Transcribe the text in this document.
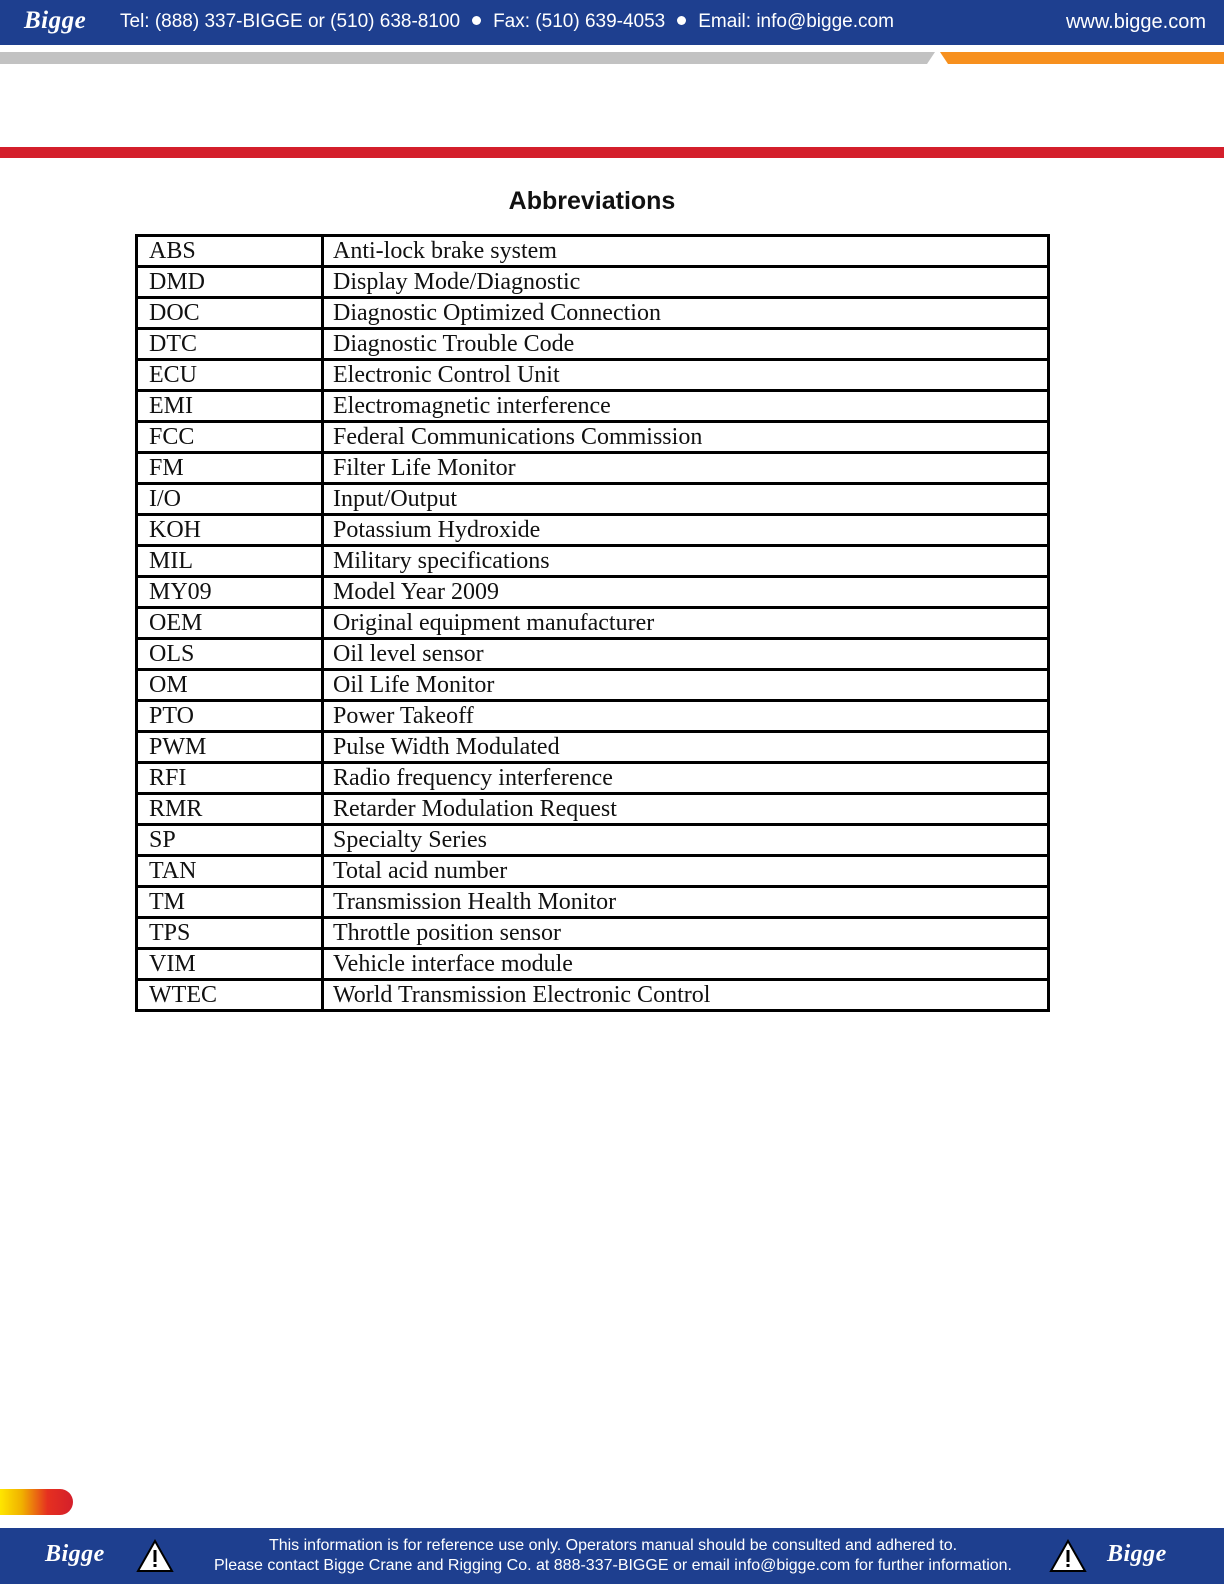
Bigge Tel: (888) 337-BIGGE or (510) 638-8100 Fax: (510) 639-4053 Email: info@bigge.com	www.bigge.com
Abbreviations
ABS	Anti-lock brake system
DMD	Display Mode/Diagnostic
DOC	Diagnostic Optimized Connection
DTC	Diagnostic Trouble Code
ECU	Electronic Control Unit
EMI	Electromagnetic interference
FCC	Federal Communications Commission
FM	Filter Life Monitor
I/O	Input/Output
KOH	Potassium Hydroxide
MIL	Military specifications
MY09	Model Year 2009
OEM	Original equipment manufacturer
OLS	Oil level sensor
OM	Oil Life Monitor
PTO	Power Takeoff
PWM	Pulse Width Modulated
RFI	Radio frequency interference
RMR	Retarder Modulation Request
SP	Specialty Series
TAN	Total acid number
TM	Transmission Health Monitor
TPS	Throttle position sensor
VIM	Vehicle interface module
WTEC	World Transmission Electronic Control
Bigge	This information is for reference use only. Operators manual should be consulted and adhered to.
Please contact Bigge Crane and Rigging Co. at 888-337-BIGGE or email info@bigge.com for further information.	Bigge
